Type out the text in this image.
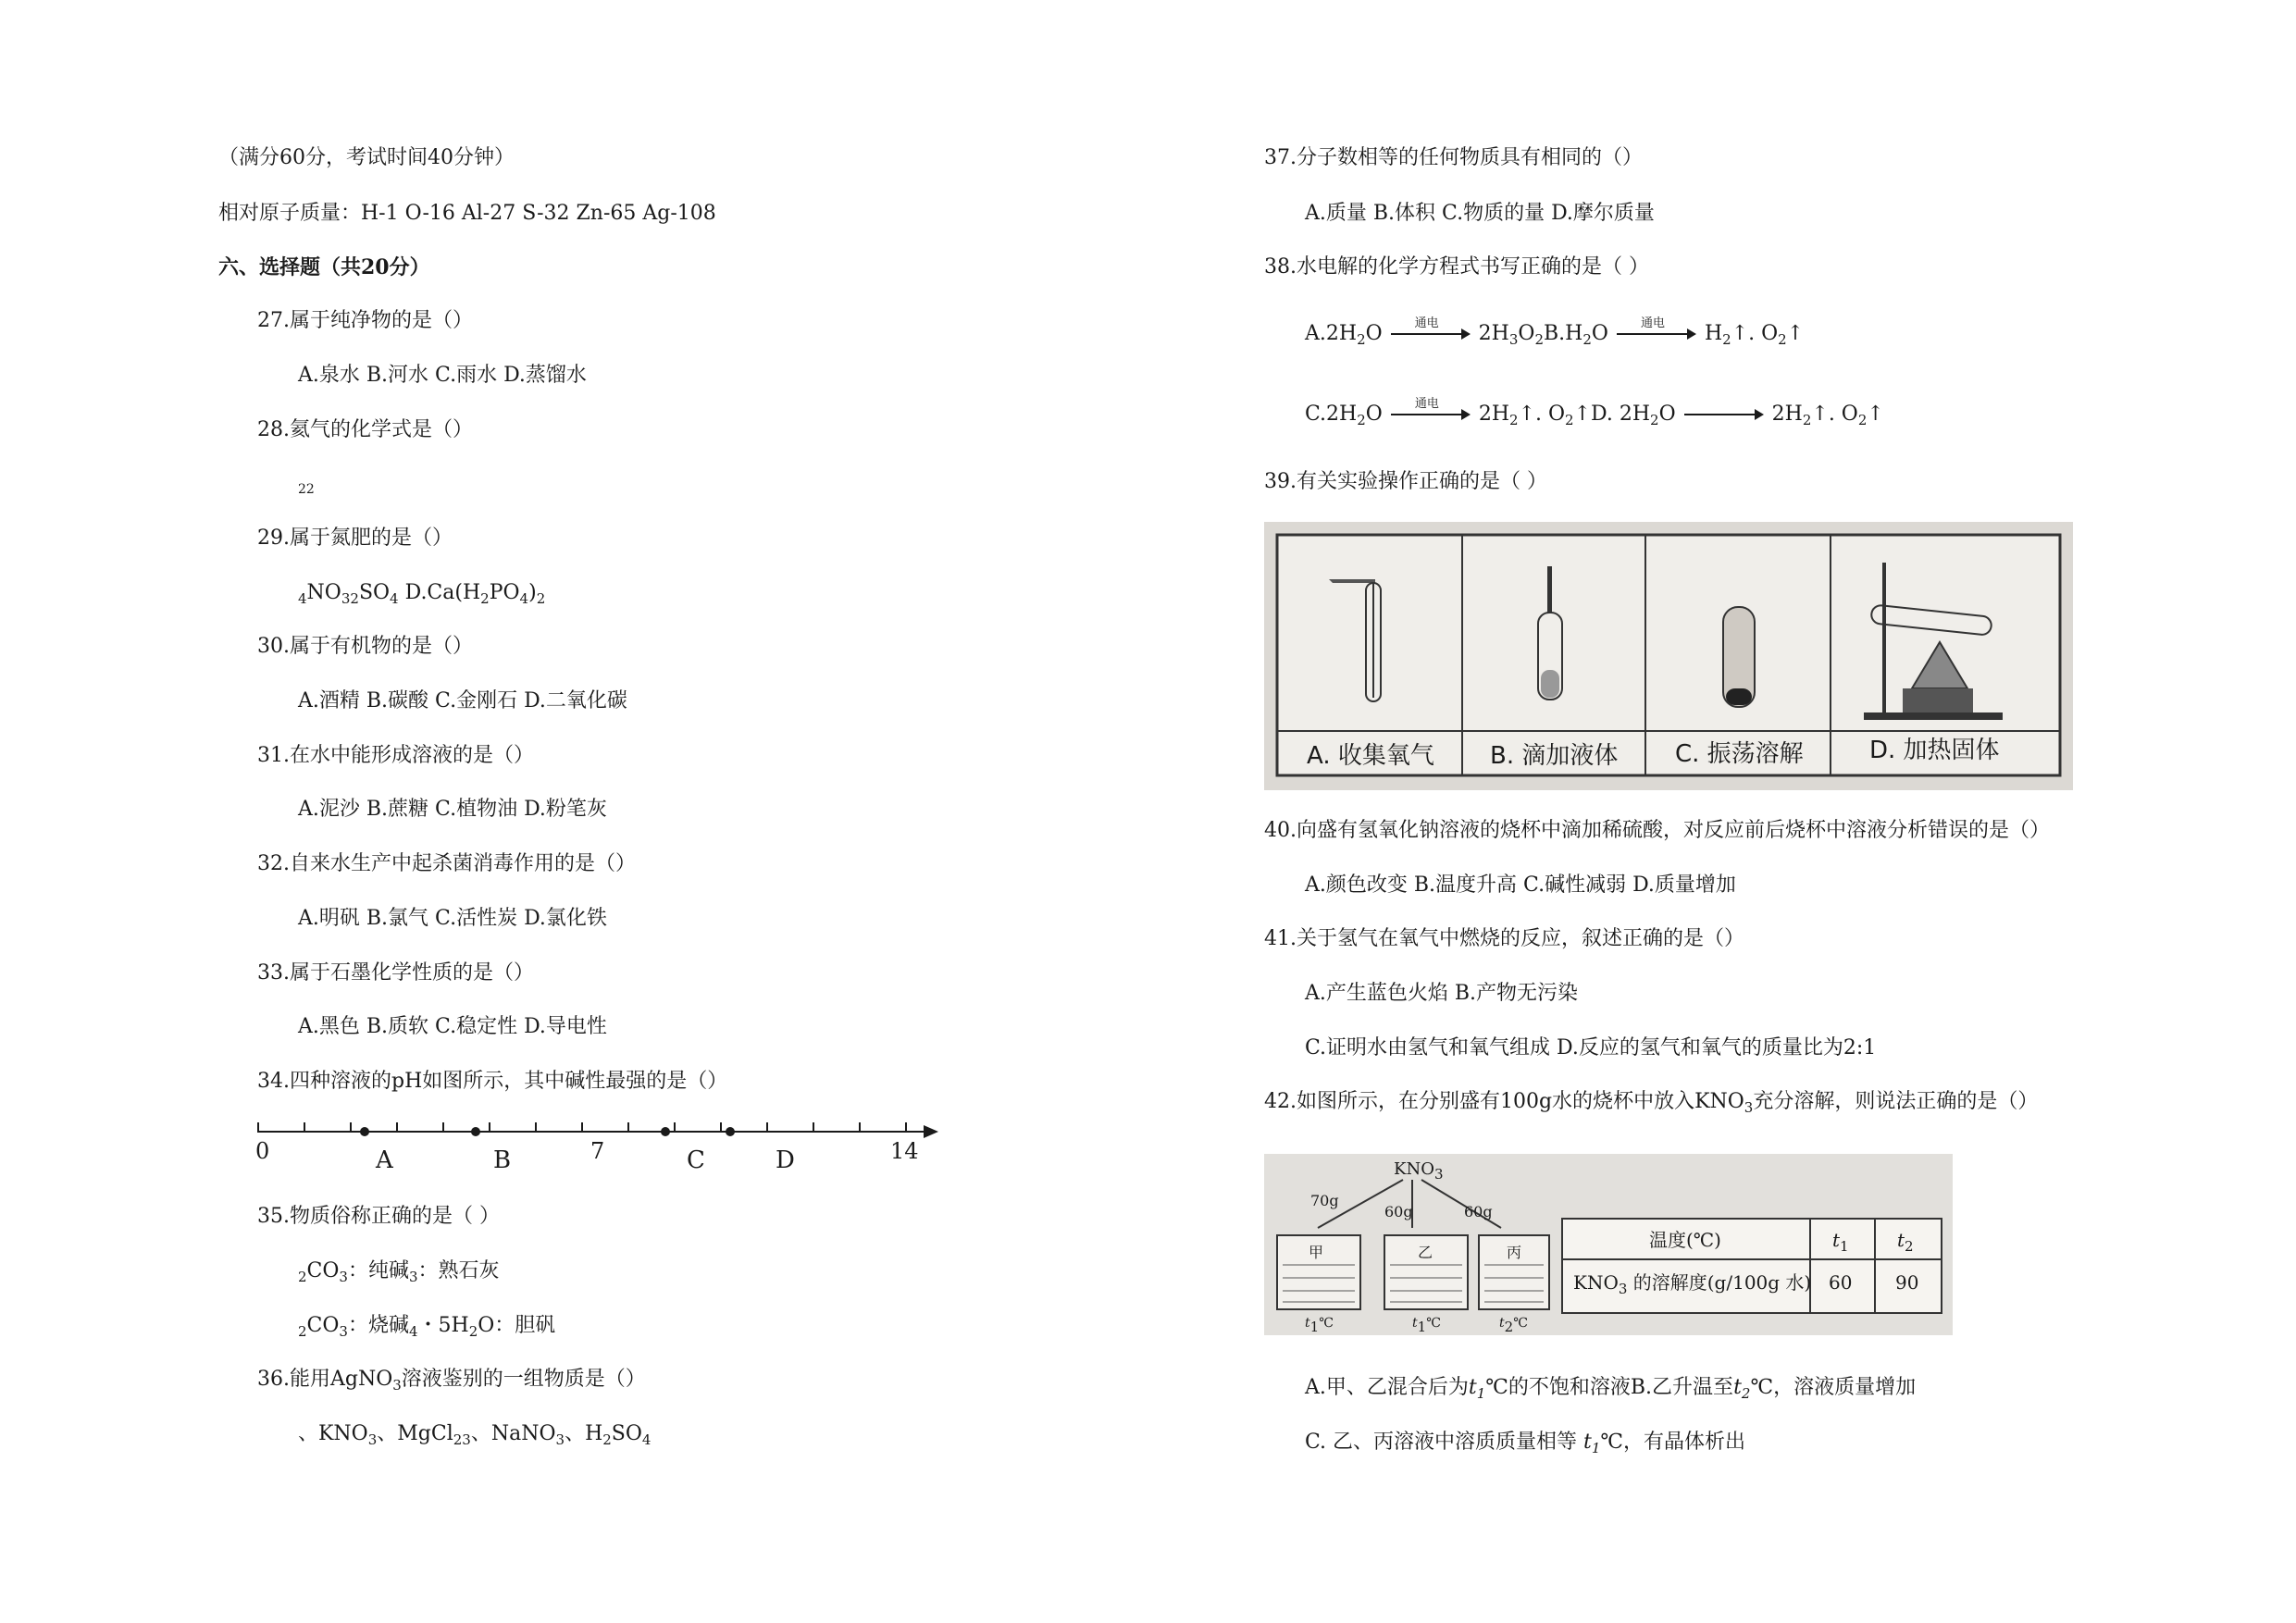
（满分60分，考试时间40分钟）
相对原子质量：H-1 O-16 Al-27 S-32 Zn-65 Ag-108
六、选择题（共20分）
27.属于纯净物的是（）
A.泉水 B.河水 C.雨水 D.蒸馏水
28.氦气的化学式是（）
22
29.属于氮肥的是（）
$_4NO_{32}SO_4$ $D.Ca(H_2PO_4)_2$
30.属于有机物的是（）
A.酒精 B.碳酸 C.金刚石 D.二氧化碳
31.在水中能形成溶液的是（）
A.泥沙 B.蔗糖 C.植物油 D.粉笔灰
32.自来水生产中起杀菌消毒作用的是（）
A.明矾 B.氯气 C.活性炭 D.氯化铁
33.属于石墨化学性质的是（）
A.黑色 B.质软 C.稳定性 D.导电性
34.四种溶液的pH如图所示，其中碱性最强的是（）
0	7	14
A	B	C	D
35.物质俗称正确的是（ ）
$_2CO_3$：纯碱$_3$：熟石灰
$_2CO_3$：烧碱$_4$・$5H_2O$：胆矾
36.能用AgNO$_3$溶液鉴别的一组物质是（）
、$KNO_3$、MgCl$_{23}$、NaNO$_3$、$H_2SO_4$
37.分子数相等的任何物质具有相同的（）
A.质量 B.体积 C.物质的量 D.摩尔质量
38.水电解的化学方程式书写正确的是（ ）
A.2H2O	通电	2H3O2B.H2O	通电	H2↑. O2↑
C.2H2O	通电	2H2↑. O2↑D. 2H2O	2H2↑. O2↑
39.有关实验操作正确的是（ ）
A. 收集氧气 B. 滴加液体 C. 振荡溶解	D. 加热固体
40.向盛有氢氧化钠溶液的烧杯中滴加稀硫酸，对反应前后烧杯中溶液分析错误的是（）
A.颜色改变 B.温度升高 C.碱性减弱 D.质量增加
41.关于氢气在氧气中燃烧的反应，叙述正确的是（）
A.产生蓝色火焰 B.产物无污染
C.证明水由氢气和氧气组成 D.反应的氢气和氧气的质量比为2:1
42.如图所示，在分别盛有100g水的烧杯中放入$KNO_3$充分溶解，则说法正确的是（）
$KNO_3$
70g
60g	60g
甲	乙	丙
t1℃	t1℃	t2℃
温度(℃)	$t_1$	$t_2$
$KNO_3$ 的溶解度(g/100g 水) 60 90
A.甲、乙混合后为$t_1℃$的不饱和溶液B.乙升温至$t_2℃$，溶液质量增加
C. 乙、丙溶液中溶质质量相等 $t_1℃$，有晶体析出
